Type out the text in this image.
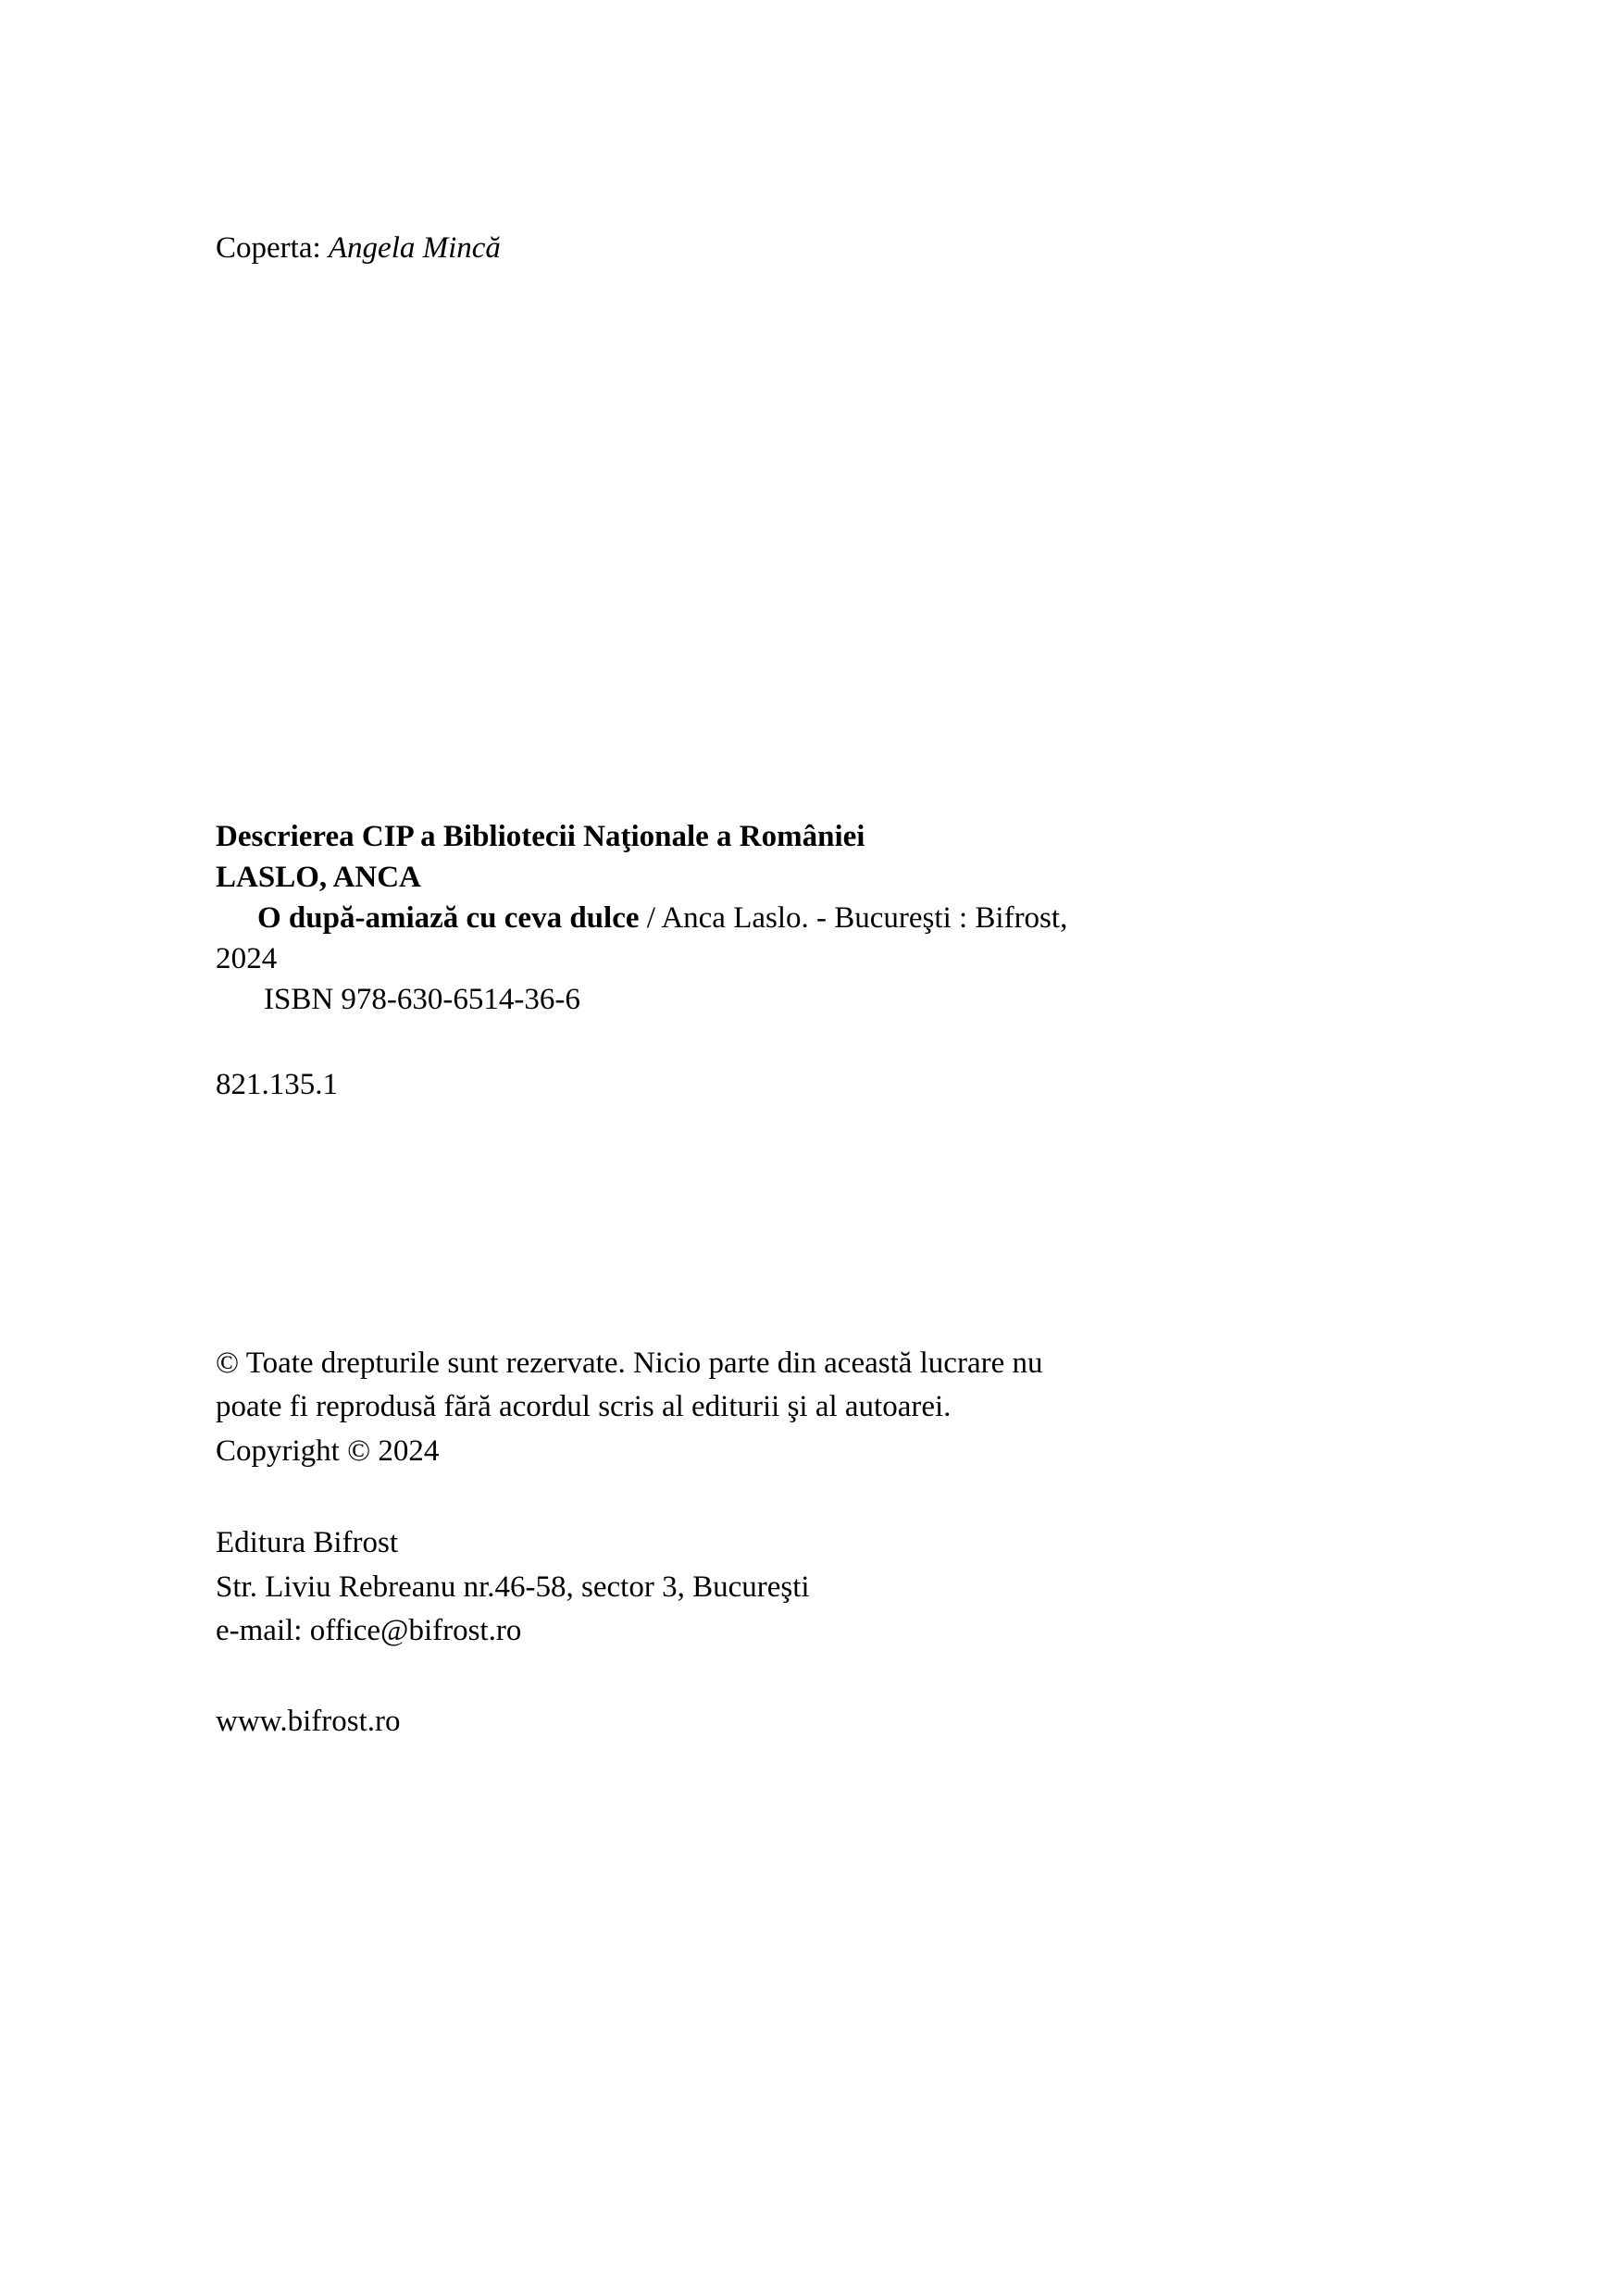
Coperta: Angela Mincă
Descrierea CIP a Bibliotecii Naţionale a României
LASLO, ANCA
O după-amiază cu ceva dulce / Anca Laslo. - Bucureşti : Bifrost,
2024
ISBN 978-630-6514-36-6
821.135.1

© Toate drepturile sunt rezervate. Nicio parte din această lucrare nu

poate fi reprodusă fără acordul scris al editurii şi al autoarei.

Copyright © 2024

Editura Bifrost

Str. Liviu Rebreanu nr.46-58, sector 3, Bucureşti

e-mail: office@bifrost.ro

www.bifrost.ro
